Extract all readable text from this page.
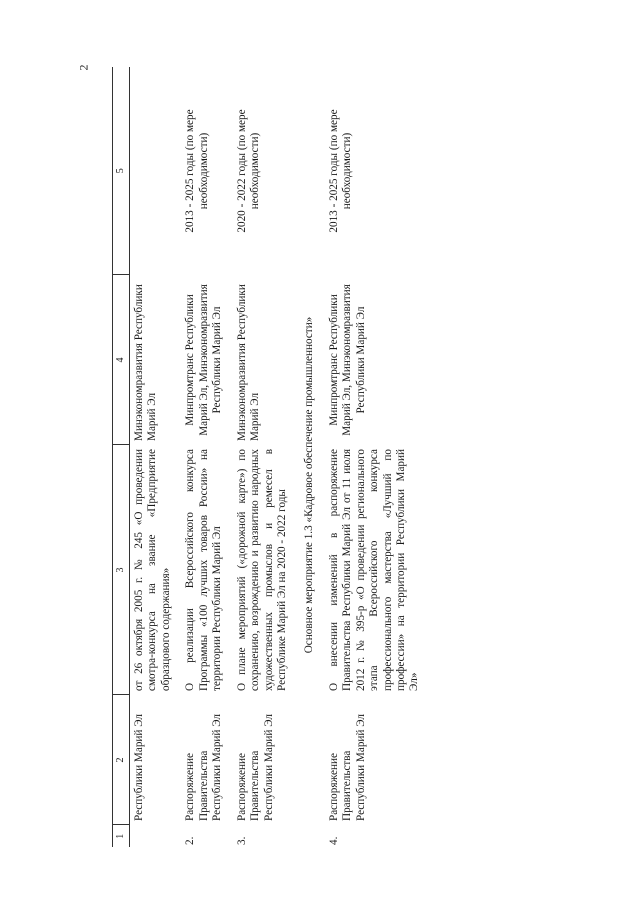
2
1	2	3	4	5
	Республики Марий Эл	от 26 октября 2005 г. № 245 «О проведении смотра-конкурса на звание «Предприятие образцового содержания»	Минэкономразвития Республики Марий Эл	
2.	Распоряжение Правительства Республики Марий Эл	О реализации Всероссийского конкурса Программы «100 лучших товаров России» на территории Республики Марий Эл	Минпромтранс Республики Марий Эл, Минэкономразвития Республики Марий Эл	2013 - 2025 годы (по мере необходимости)
3.	Распоряжение Правительства Республики Марий Эл	О плане мероприятий («дорожной карте») по сохранению, возрождению и развитию народных художественных промыслов и ремесел в Республике Марий Эл на 2020 - 2022 годы	Минэкономразвития Республики Марий Эл	2020 - 2022 годы (по мере необходимости)
		Основное мероприятие 1.3 «Кадровое обеспечение промышленности»		
4.	Распоряжение Правительства Республики Марий Эл	О внесении изменений в распоряжение Правительства Республики Марий Эл от 11 июля 2012 г. № 395-р «О проведении регионального этапа Всероссийского конкурса профессионального мастерства «Лучший по профессии» на территории Республики Марий Эл»	Минпромтранс Республики Марий Эл, Минэкономразвития Республики Марий Эл	2013 - 2025 годы (по мере необходимости)
